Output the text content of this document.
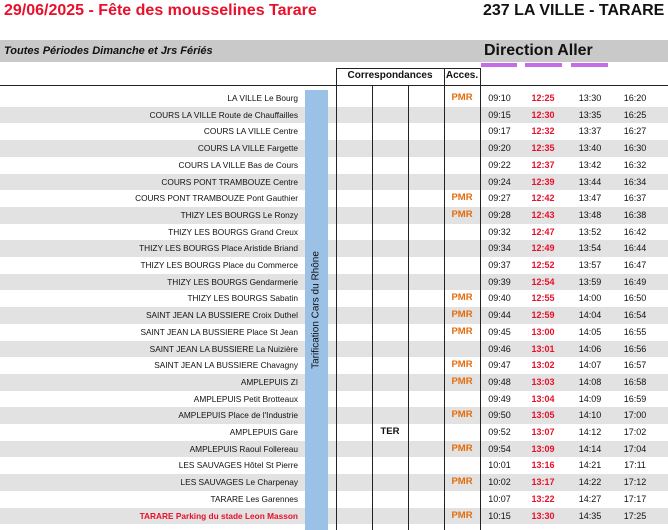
29/06/2025 - Fête des mousselines Tarare	237 LA VILLE - TARARE
Toutes Périodes Dimanche et Jrs Fériés	Direction Aller
Correspondances	Acces.
LA VILLE Le Bourg	PMR	09:10	12:25	13:30	16:20
COURS LA VILLE Route de Chauffailles	09:15	12:30	13:35	16:25
COURS LA VILLE Centre	09:17	12:32	13:37	16:27
COURS LA VILLE Fargette	09:20	12:35	13:40	16:30
COURS LA VILLE Bas de Cours	09:22	12:37	13:42	16:32
COURS PONT TRAMBOUZE Centre	09:24	12:39	13:44	16:34
COURS PONT TRAMBOUZE Pont Gauthier	PMR	09:27	12:42	13:47	16:37
THIZY LES BOURGS Le Ronzy	PMR	09:28	12:43	13:48	16:38
THIZY LES BOURGS Grand Creux	09:32	12:47	13:52	16:42
THIZY LES BOURGS Place Aristide Briand	09:34	12:49	13:54	16:44
THIZY LES BOURGS Place du Commerce	09:37	12:52	13:57	16:47
THIZY LES BOURGS Gendarmerie	09:39	12:54	13:59	16:49
THIZY LES BOURGS Sabatin	PMR	09:40	12:55	14:00	16:50
SAINT JEAN LA BUSSIERE Croix Duthel	PMR	09:44	12:59	14:04	16:54
SAINT JEAN LA BUSSIERE Place St Jean	PMR	09:45	13:00	14:05	16:55
SAINT JEAN LA BUSSIERE La Nuizière	09:46	13:01	14:06	16:56
SAINT JEAN LA BUSSIERE Chavagny	PMR	09:47	13:02	14:07	16:57
AMPLEPUIS ZI	PMR	09:48	13:03	14:08	16:58
AMPLEPUIS Petit Brotteaux	09:49	13:04	14:09	16:59
AMPLEPUIS Place de l'Industrie	PMR	09:50	13:05	14:10	17:00
AMPLEPUIS Gare	TER	09:52	13:07	14:12	17:02
AMPLEPUIS Raoul Follereau	PMR	09:54	13:09	14:14	17:04
LES SAUVAGES Hôtel St Pierre	10:01	13:16	14:21	17:11
LES SAUVAGES Le Charpenay	PMR	10:02	13:17	14:22	17:12
TARARE Les Garennes	10:07	13:22	14:27	17:17
TARARE Parking du stade Leon Masson	PMR	10:15	13:30	14:35	17:25
Tarification Cars du Rhône
